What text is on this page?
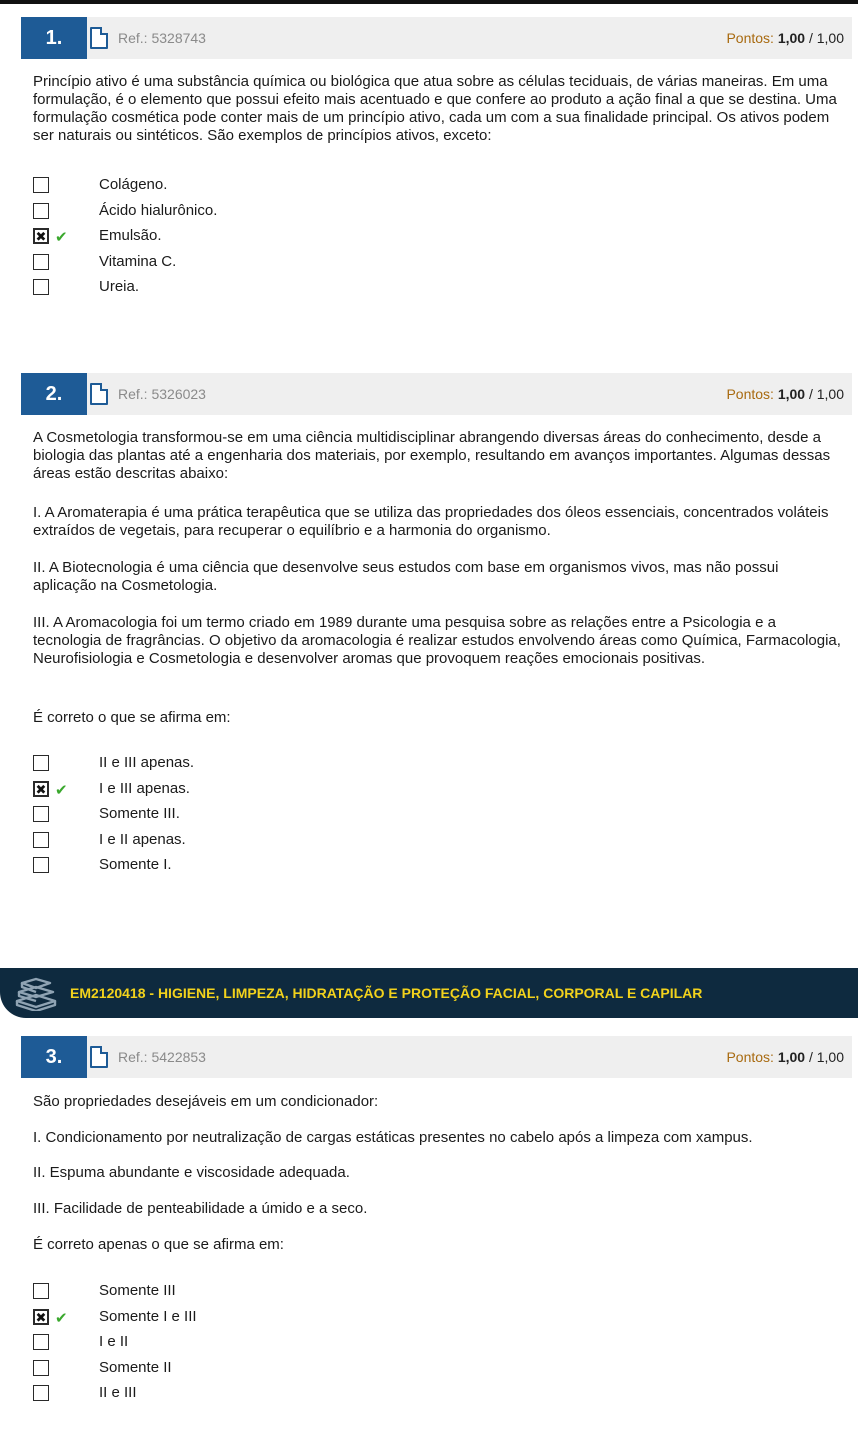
1.	Ref.: 5328743	Pontos: 1,00 / 1,00
Princípio ativo é uma substância química ou biológica que atua sobre as células teciduais, de várias maneiras. Em uma formulação, é o elemento que possui efeito mais acentuado e que confere ao produto a ação final a que se destina. Uma formulação cosmética pode conter mais de um princípio ativo, cada um com a sua finalidade principal. Os ativos podem ser naturais ou sintéticos. São exemplos de princípios ativos, exceto:
Colágeno.
Ácido hialurônico.
✖ ✔ Emulsão.
Vitamina C.
Ureia.
2.	Ref.: 5326023	Pontos: 1,00 / 1,00
A Cosmetologia transformou-se em uma ciência multidisciplinar abrangendo diversas áreas do conhecimento, desde a biologia das plantas até a engenharia dos materiais, por exemplo, resultando em avanços importantes. Algumas dessas áreas estão descritas abaixo:
I. A Aromaterapia é uma prática terapêutica que se utiliza das propriedades dos óleos essenciais, concentrados voláteis extraídos de vegetais, para recuperar o equilíbrio e a harmonia do organismo.
II. A Biotecnologia é uma ciência que desenvolve seus estudos com base em organismos vivos, mas não possui aplicação na Cosmetologia.
III. A Aromacologia foi um termo criado em 1989 durante uma pesquisa sobre as relações entre a Psicologia e a tecnologia de fragrâncias. O objetivo da aromacologia é realizar estudos envolvendo áreas como Química, Farmacologia, Neurofisiologia e Cosmetologia e desenvolver aromas que provoquem reações emocionais positivas.
É correto o que se afirma em:
II e III apenas.
✖ ✔ I e III apenas.
Somente III.
I e II apenas.
Somente I.
EM2120418 - HIGIENE, LIMPEZA, HIDRATAÇÃO E PROTEÇÃO FACIAL, CORPORAL E CAPILAR
3.	Ref.: 5422853	Pontos: 1,00 / 1,00
São propriedades desejáveis em um condicionador:
I. Condicionamento por neutralização de cargas estáticas presentes no cabelo após a limpeza com xampus.
II. Espuma abundante e viscosidade adequada.
III. Facilidade de penteabilidade a úmido e a seco.
É correto apenas o que se afirma em:
Somente III
✖ ✔ Somente I e III
I e II
Somente II
II e III
